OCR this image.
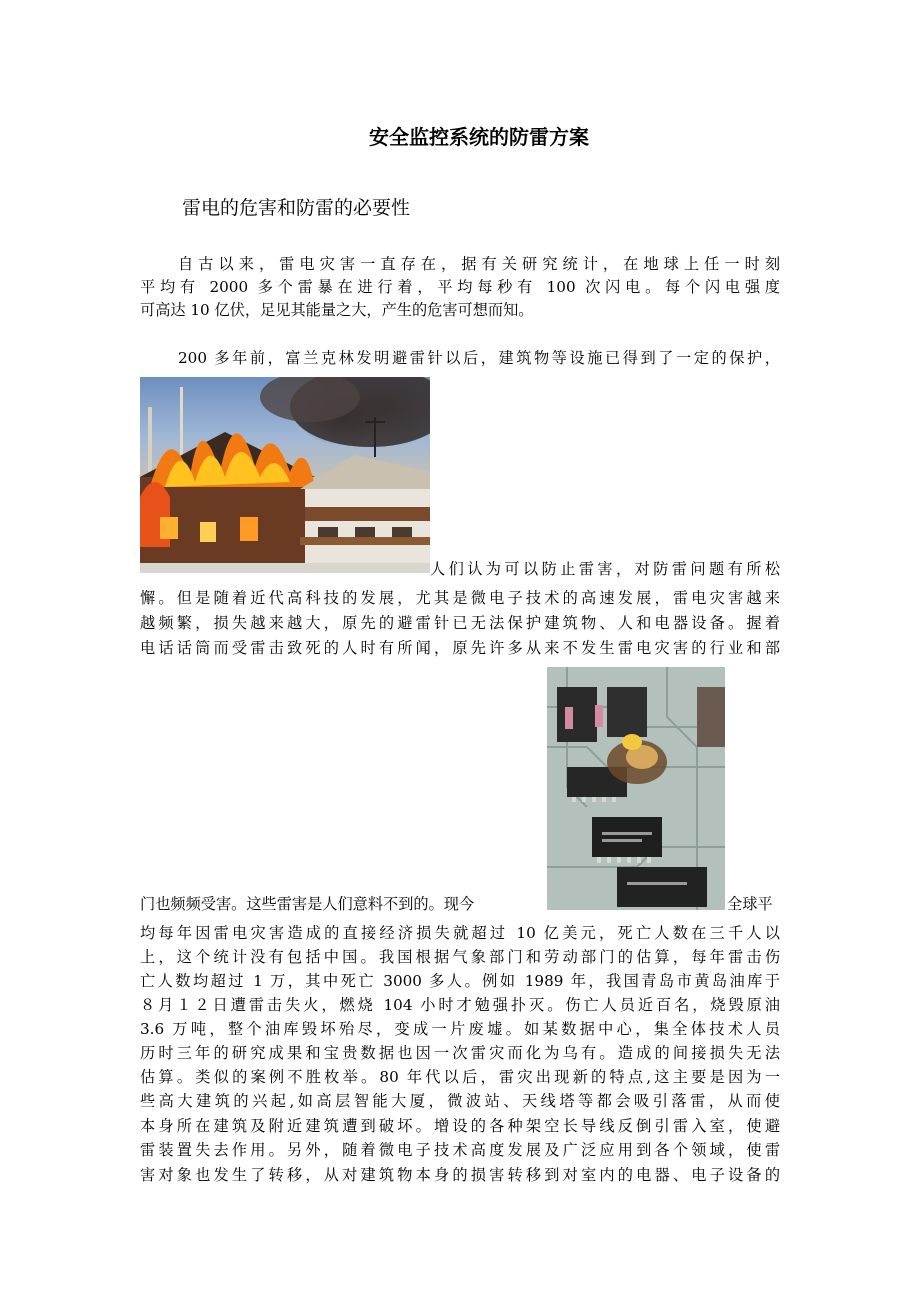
安全监控系统的防雷方案
雷电的危害和防雷的必要性
自古以来，雷电灾害一直存在，据有关研究统计，在地球上任一时刻
平均有 2000 多个雷暴在进行着，平均每秒有 100 次闪电。每个闪电强度
可高达 10 亿伏，足见其能量之大，产生的危害可想而知。
200 多年前，富兰克林发明避雷针以后，建筑物等设施已得到了一定的保护，
人们认为可以防止雷害，对防雷问题有所松
懈。但是随着近代高科技的发展，尤其是微电子技术的高速发展，雷电灾害越来
越频繁，损失越来越大，原先的避雷针已无法保护建筑物、人和电器设备。握着
电话话筒而受雷击致死的人时有所闻，原先许多从来不发生雷电灾害的行业和部
门也频频受害。这些雷害是人们意料不到的。现今	全球平
均每年因雷电灾害造成的直接经济损失就超过 10 亿美元，死亡人数在三千人以
上，这个统计没有包括中国。我国根据气象部门和劳动部门的估算，每年雷击伤
亡人数均超过 1 万，其中死亡 3000 多人。例如 1989 年，我国青岛市黄岛油库于
８月１２日遭雷击失火，燃烧 104 小时才勉强扑灭。伤亡人员近百名，烧毁原油
3.6 万吨，整个油库毁坏殆尽，变成一片废墟。如某数据中心，集全体技术人员
历时三年的研究成果和宝贵数据也因一次雷灾而化为乌有。造成的间接损失无法
估算。类似的案例不胜枚举。80 年代以后，雷灾出现新的特点,这主要是因为一
些高大建筑的兴起,如高层智能大厦，微波站、天线塔等都会吸引落雷，从而使
本身所在建筑及附近建筑遭到破坏。增设的各种架空长导线反倒引雷入室，使避
雷装置失去作用。另外，随着微电子技术高度发展及广泛应用到各个领域，使雷
害对象也发生了转移，从对建筑物本身的损害转移到对室内的电器、电子设备的
